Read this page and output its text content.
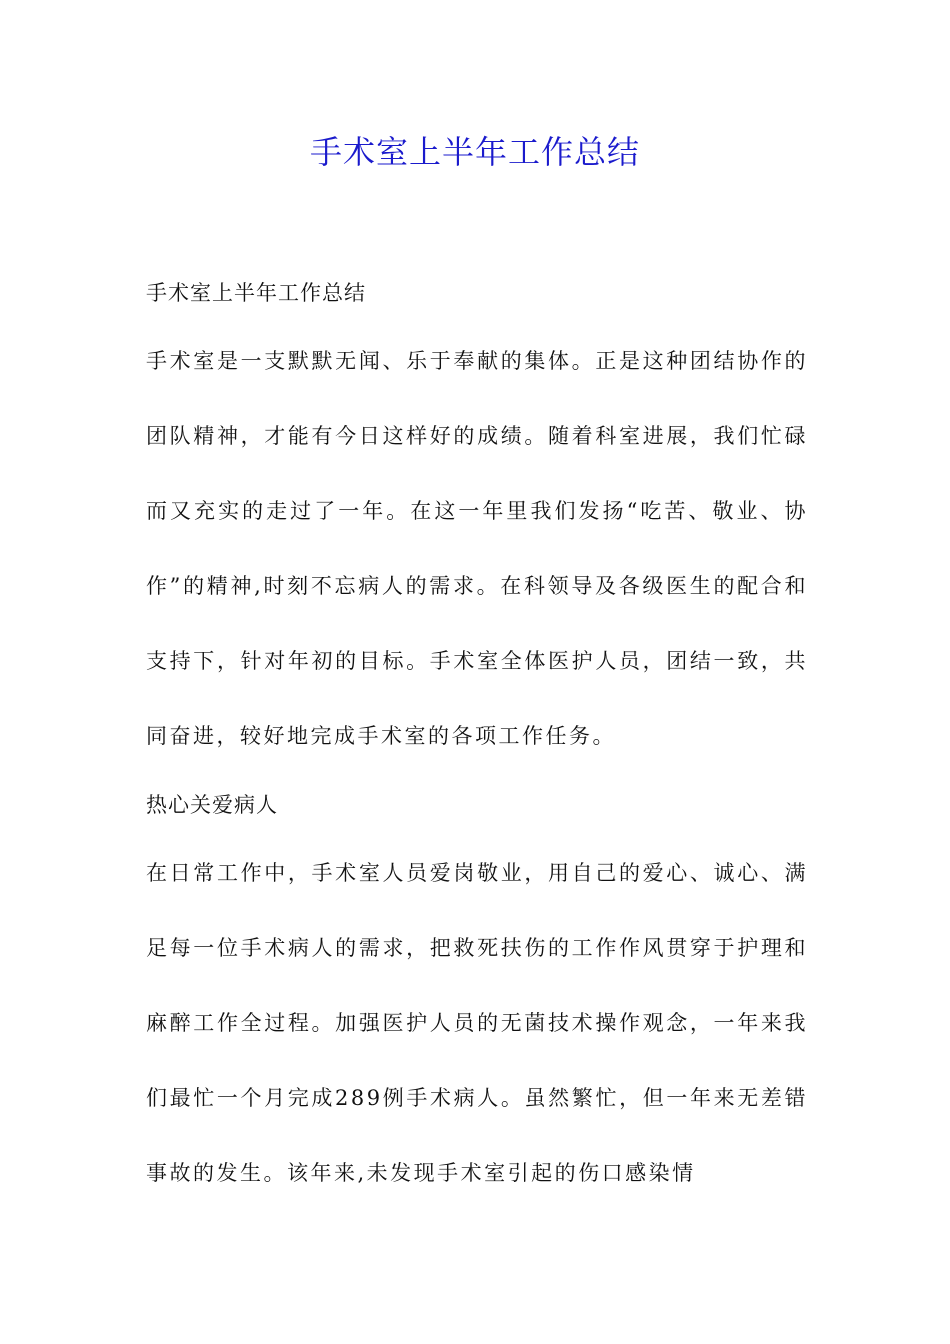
手术室上半年工作总结

手术室上半年工作总结

手术室是一支默默无闻、乐于奉献的集体。正是这种团结协作的团队精神，才能有今日这样好的成绩。随着科室进展，我们忙碌而又充实的走过了一年。在这一年里我们发扬“吃苦、敬业、协作”的精神,时刻不忘病人的需求。在科领导及各级医生的配合和支持下，针对年初的目标。手术室全体医护人员，团结一致，共同奋进，较好地完成手术室的各项工作任务。

热心关爱病人

在日常工作中，手术室人员爱岗敬业，用自己的爱心、诚心、满足每一位手术病人的需求，把救死扶伤的工作作风贯穿于护理和麻醉工作全过程。加强医护人员的无菌技术操作观念，一年来我们最忙一个月完成289例手术病人。虽然繁忙，但一年来无差错事故的发生。该年来,未发现手术室引起的伤口感染情
